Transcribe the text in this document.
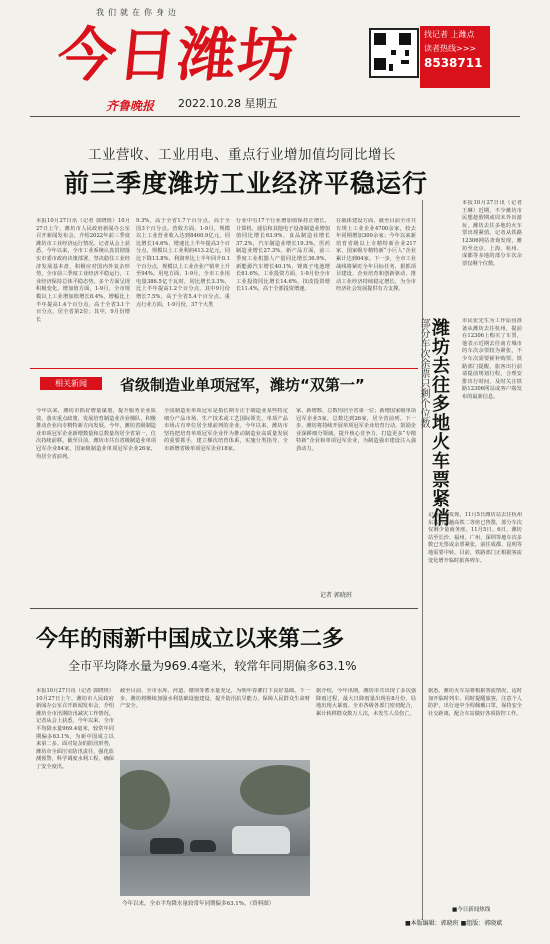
我们就在你身边
今日潍坊
齐鲁晚报 2022.10.28 星期五
找记者 上潍点
读者热线>>>
8538711
工业营收、工业用电、重点行业增加值均同比增长
前三季度潍坊工业经济平稳运行
本报10月27日讯（记者 郭晓班）10月27日上午，潍坊市人民政府新闻办公室召开新闻发布会，介绍2022年前三季度潍坊市工业经济运行情况。记者从会上获悉，今年以来，全市工业系统认真贯彻落实市委市政府决策部署，坚决稳住工业经济发展基本盘，积极应对国内外复杂形势，全市前三季度工业经济平稳运行，工业经济保持总体平稳态势。多个方面呈现积极变化。增加值方面，1-9月，全市规模以上工业增加值增长8.4%，增幅比上半年提高1.4个百分点，高于全省3.1个百分点，居全省第2位；其中，9月份增长
9.3%，高于全省1.7个百分点，高于全国3个百分点。营收方面，1-9月，规模以上工业营业收入达到8460.9亿元，同比增长14.6%，增速比上半年提高3个百分点，规模以上工业利润413.2亿元，同比下降13.8%。利润率比上半年回升0.1个百分点，规模以上工业企业产销率上升至94%。用电方面，1-9月，全市工业用电量386.5亿千瓦时，同比增长3.3%，比上半年提高1.2个百分点，其中9月份增长7.5%，高于全省5.4个百分点。重点行业方面，1-9月份，37个大类
行业中有17个行业增加值保持正增长，计算机、通信和其他电子设备制造业增加值同比增长63.9%，食品制造业增长37.2%，汽车制造业增长19.3%，医药制造业增长27.3%。新产品方面，前三季度工业机器人产量同比增长36.9%，新能源汽车增长40.1%，锂离子电池增长61.6%。工业投资方面，1-9月份全市工业投资同比增长14.6%，技改投资增长11.4%，高于全部投资增速。
在载体建设方面，截至目前全市共有规上工业企业4700余家，较去年同期增加300余家；今年以来新培育省级以上专精特新企业217家，国家级专精特新“小巨人”企业累计达到64家。下一步，全市工业战线将紧盯全年目标任务，狠抓项目建设、企业培育和创新驱动，推动工业经济持续稳定增长，为全市经济社会发展提供有力支撑。
相关新闻	省级制造业单项冠军，潍坊“双第一”
今年以来，潍坊市抓好增量谋划，提升服务企业质效，落实重点政策，发展培育制造业企业梯队，积极推动企业向专精特新方向发展。今年，潍坊省级制造业单项冠军企业新增数量和总数量均居全省第一，位次持续前移。截至目前，潍坊市共有省级制造业单项冠军企业84家，国家级制造业单项冠军企业26家，均居全省前列。
全国制造业单项冠军是指长期专注于制造业某些特定细分产品市场，生产技术或工艺国际领先，单项产品市场占有率位居全球前列的企业。今年以来，潍坊市坚持把培育单项冠军企业作为推动制造业高质量发展的重要抓手，建立梯次培育体系，实施分类指导，全市新增省级单项冠军企业18家。
家，新增数、总数均居全省第一位；新增国家级单项冠军企业5家，总数达到26家，居全省前列。下一步，潍坊将持续开展单项冠军企业培育行动，鼓励企业深耕细分领域，提升核心竞争力，打造更多“专精特新”企业和单项冠军企业，为制造强市建设注入强劲动力。
记者 郭晓班
今年的雨新中国成立以来第二多
全市平均降水量为969.4毫米，较常年同期偏多63.1%
本报10月27日讯（记者 郭晓班）10月27日上午，潍坊市人民政府新闻办公室召开新闻发布会，介绍潍坊全市汛期防汛减灾工作情况。记者从会上获悉，今年以来，全市平均降水量969.4毫米，较常年同期偏多63.1%，为新中国成立以来第二多。面对复杂的防汛形势，潍坊市全面压实防汛责任，强化监测预警，科学调度水利工程，确保了安全度汛。
截至目前，全市水库、河道、塘坝等蓄水量充足，为明年春灌打下良好基础。下一步，潍坊将继续加强水利基础设施建设，提升防汛抗旱能力，保障人民群众生命财产安全。
据介绍，今年汛期，潍坊市共出现了多次强降雨过程，最大日降雨量出现在8月份，局地出现大暴雨。全市各级各部门密切配合，累计转移群众数万人次，未发生人员伤亡。
今年以来，全市平均降水量较常年同期偏多63.1%。（资料图）
本报10月27日讯（记者 王琳）近期，不少潍坊市民想趁假期或周末外出游玩，潍坊去往多地的火车票出现紧俏。记者从铁路12306网站查询发现，潍坊至北京、上海、杭州、成都等多地的部分车次余票仅剩个位数。
潍坊去往多地火车票紧俏
部分车次余票只剩个位数	市民张先生为工作原因准备从潍坊去往杭州，提前在12306上购买了车票，他表示近期去往南方城市的车次余票较为紧张，不少车次需要候补购票。铁路部门提醒，旅客出行前请提前规划行程，合理安排出行时间，及时关注铁路12306网站或客户端发布的最新信息。
记者查询发现，11月5日潍坊站去往杭州东站的多趟高铁二等座已售罄，部分车次仅剩少量商务座。11月5日、6日，潍坊站至长沙、福州、广州、深圳等地车次多数已无票或余票紧张，前往成都、昆明等地需要中转。目前，铁路部门正根据客流变化增开临时旅客列车。
据悉，潍坊火车站将根据客流情况，适时加开临时列车。同时提醒旅客，注意个人防护，出行途中全程佩戴口罩，保持安全社交距离，配合车站做好各项防控工作。
■今日新闻热线
■本版编辑：郭晓班 ■组版：郭晓斌
